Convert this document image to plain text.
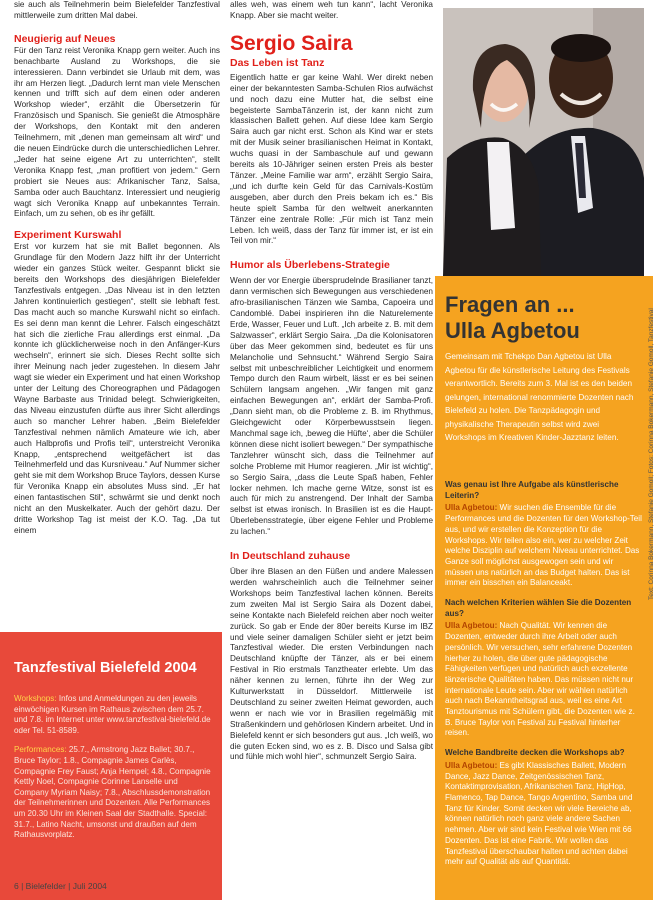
sie auch als Teilnehmerin beim Bielefelder Tanzfestival mittlerweile zum dritten Mal dabei.

Neugierig auf Neues

Für den Tanz reist Veronika Knapp gern weiter. Auch ins benachbarte Ausland zu Workshops, die sie interessieren. Dann verbindet sie Urlaub mit dem, was ihr am Herzen liegt. „Dadurch lernt man viele Menschen kennen und trifft sich auf dem einen oder anderen Workshop wieder“, erzählt die Übersetzerin für Französisch und Spanisch. Sie genießt die Atmosphäre der Workshops, den Kontakt mit den anderen Teilnehmern, mit „denen man gemeinsam alt wird“ und die neuen Eindrücke durch die unterschiedlichen Lehrer. „Jeder hat seine eigene Art zu unterrichten“, stellt Veronika Knapp fest, „man profitiert von jedem.“ Gern probiert sie Neues aus: Afrikanischer Tanz, Salsa, Samba oder auch Bauchtanz. Interessiert und neugierig wagt sich Veronika Knapp auf unbekanntes Terrain. Einfach, um zu sehen, ob es ihr gefällt.

Experiment Kurswahl

Erst vor kurzem hat sie mit Ballet begonnen. Als Grundlage für den Modern Jazz hilft ihr der Unterricht wieder ein ganzes Stück weiter. Gespannt blickt sie bereits den Workshops des diesjährigen Bielefelder Tanzfestivals entgegen. „Das Niveau ist in den letzten Jahren kontinuierlich gestiegen“, stellt sie lebhaft fest. Das macht auch so manche Kurswahl nicht so einfach. Es sei denn man kennt die Lehrer. Falsch eingeschätzt hat sich die zierliche Frau allerdings erst einmal. „Da konnte ich glücklicherweise noch in den Anfänger-Kurs wechseln“, erinnert sie sich. Dieses Recht sollte sich ihrer Meinung nach jeder zugestehen. In diesem Jahr wagt sie wieder ein Experiment und hat einen Workshop unter der Leitung des Choreographen und Pädagogen Wayne Barbaste aus Trinidad belegt. Schwierigkeiten, das Niveau einzustufen dürfte aus ihrer Sicht allerdings auch so mancher Lehrer haben. „Beim Bielefelder Tanzfestival nehmen nämlich Amateure wie ich, aber auch Halbprofis und Profis teil“, unterstreicht Veronika Knapp, „entsprechend weitgefächert ist das Teilnehmerfeld und das Kursniveau.“ Auf Nummer sicher geht sie mit dem Workshop Bruce Taylors, dessen Kurse für Veronika Knapp ein absolutes Muss sind. „Er hat einen fantastischen Stil“, schwärmt sie und denkt noch nicht an den Muskelkater. Auch der gehört dazu. Der dritte Workshop Tag ist meist der K.O. Tag. „Da tut einem

Tanzfestival Bielefeld 2004
Workshops: Infos und Anmeldungen zu den jeweils einwöchigen Kursen im Rathaus zwischen dem 25.7. und 7.8. im Internet unter www.tanzfestival-bielefeld.de oder Tel. 51-8589.
Performances: 25.7., Armstrong Jazz Ballet; 30.7., Bruce Taylor; 1.8., Compagnie James Carlès, Compagnie Frey Faust; Anja Hempel; 4.8., Compagnie Kettly Noel, Compagnie Corinne Lanselle und Company Myriam Naisy; 7.8., Abschlussdemonstration der Teilnehmerinnen und Dozenten. Alle Performances um 20.30 Uhr im Kleinen Saal der Stadthalle. Special: 31.7., Latino Nacht, umsonst und draußen auf dem Rathausvorplatz.
6 | Bielefelder | Juli 2004

alles weh, was einem weh tun kann“, lacht Veronika Knapp. Aber sie macht weiter.

Sergio Saira

Das Leben ist Tanz

Eigentlich hatte er gar keine Wahl. Wer direkt neben einer der bekanntesten Samba-Schulen Rios aufwächst und noch dazu eine Mutter hat, die selbst eine begeisterte SambaTänzerin ist, der kann nicht zum klassischen Ballett gehen. Auf diese Idee kam Sergio Saira auch gar nicht erst. Schon als Kind war er stets mit der Musik seiner brasilianischen Heimat in Kontakt, wuchs quasi in der Sambaschule auf und gewann bereits als 10-Jähriger seinen ersten Preis als bester Tänzer. „Meine Familie war arm“, erzählt Sergio Saira, „und ich durfte kein Geld für das Carnivals-Kostüm ausgeben, aber durch den Preis bekam ich es.“ Bis heute spielt Samba für den weltweit anerkannten Tänzer eine zentrale Rolle: „Für mich ist Tanz mein Leben. Ich weiß, dass der Tanz für immer ist, er ist ein Teil von mir.“

Humor als Überlebens-Strategie

Wenn der vor Energie übersprudelnde Brasilianer tanzt, dann vermischen sich Bewegungen aus verschiedenen afro-brasilianischen Tänzen wie Samba, Capoeira und Candomblé. Dabei inspirieren ihn die Naturelemente Erde, Wasser, Feuer und Luft. „Ich arbeite z. B. mit dem Salzwasser“, erklärt Sergio Saira. „Da die Kolonisatoren über das Meer gekommen sind, bedeutet es für uns Melancholie und Sehnsucht.“ Während Sergio Saira selbst mit unbeschreiblicher Leichtigkeit und enormem Tempo durch den Raum wirbelt, lässt er es bei seinen Schülern langsam angehen. „Wir fangen mit ganz einfachen Bewegungen an“, erklärt der Samba-Profi. „Dann sieht man, ob die Probleme z. B. im Rhythmus, Gleichgewicht oder Körperbewusstsein liegen. Manchmal sage ich, ‚beweg die Hüfte‘, aber die Schüler können diese nicht isoliert bewegen.“ Der sympathische Tanzlehrer wünscht sich, dass die Teilnehmer auf solche Probleme mit Humor reagieren. „Mir ist wichtig“, so Sergio Saira, „dass die Leute Spaß haben, Fehler locker nehmen. Ich mache gerne Witze, sonst ist es auch für mich zu anstrengend. Der Inhalt der Samba selbst ist etwas ironisch. In Brasilien ist es die Haupt-Überlebensstrategie, über eigene Fehler und Probleme zu lachen.“

In Deutschland zuhause

Über ihre Blasen an den Füßen und andere Malessen werden wahrscheinlich auch die Teilnehmer seiner Workshops beim Tanzfestival lachen können. Bereits zum zweiten Mal ist Sergio Saira als Dozent dabei, seine Kontakte nach Bielefeld reichen aber noch weiter zurück. So gab er Ende der 80er bereits Kurse im IBZ und viele seiner damaligen Schüler sieht er jetzt beim Tanzfestival wieder. Die ersten Verbindungen nach Deutschland knüpfte der Tänzer, als er bei einem Festival in Rio erstmals Tanztheater erlebte. Um das näher kennen zu lernen, führte ihn der Weg zur Kulturwerkstatt in Düsseldorf. Mittlerweile ist Deutschland zu seiner zweiten Heimat geworden, auch wenn er nach wie vor in Brasilien regelmäßig mit Straßenkindern und gehörlosen Kindern arbeitet. Und in Bielefeld kennt er sich besonders gut aus. „Ich weiß, wo die guten Ecken sind, wo es z. B. Disco und Salsa gibt und fühle mich wohl hier“, schmunzelt Sergio Saira.

Fragen an ...
Ulla Agbetou
Gemeinsam mit Tchekpo Dan Agbetou ist Ulla Agbetou für die künstlerische Leitung des Festivals verantwortlich. Bereits zum 3. Mal ist es den beiden gelungen, international renommierte Dozenten nach Bielefeld zu holen. Die Tanzpädagogin und physikalische Therapeutin selbst wird zwei Workshops im Kreativen Kinder-Jazztanz leiten.
Was genau ist Ihre Aufgabe als künstlerische Leiterin?
Ulla Agbetou: Wir suchen die Ensemble für die Performances und die Dozenten für den Workshop-Teil aus, und wir erstellen die Konzeption für die Workshops. Wir teilen also ein, wer zu welcher Zeit welche Disziplin auf welchem Niveau unterrichtet. Das Ganze soll möglichst ausgewogen sein und wir müssen uns natürlich an das Budget halten. Das ist immer ein bisschen ein Balanceakt.
Nach welchen Kriterien wählen Sie die Dozenten aus?
Ulla Agbetou: Nach Qualität. Wir kennen die Dozenten, entweder durch ihre Arbeit oder auch persönlich. Wir versuchen, sehr erfahrene Dozenten hierher zu holen, die über gute pädagogische Fähigkeiten verfügen und natürlich auch exzellente tänzerische Qualitäten haben. Das müssen nicht nur internationale Leute sein. Aber wir wählen natürlich auch nach Bekanntheitsgrad aus, weil es eine Art Tanztourismus mit Schülern gibt, die Dozenten wie z. B. Bruce Taylor von Festival zu Festival hinterher reisen.
Welche Bandbreite decken die Workshops ab?
Ulla Agbetou: Es gibt Klassisches Ballett, Modern Dance, Jazz Dance, Zeitgenössischen Tanz, Kontaktimprovisation, Afrikanischen Tanz, HipHop, Flamenco, Tap Dance, Tango Argentino, Samba und Tanz für Kinder. Somit decken wir viele Bereiche ab, können natürlich noch ganz viele andere Sachen nehmen. Aber wir sind kein Festival wie Wien mit 66 Dozenten. Das ist eine Fabrik. Wir wollen das Tanzfestival überschaubar halten und achten dabei mehr auf Qualität als auf Quantität.
Text: Corinna Bokermann, Stefanie Gomoll; Fotos: Corinna Bokermann, Stefanie Gomoll, Tanzfestival
